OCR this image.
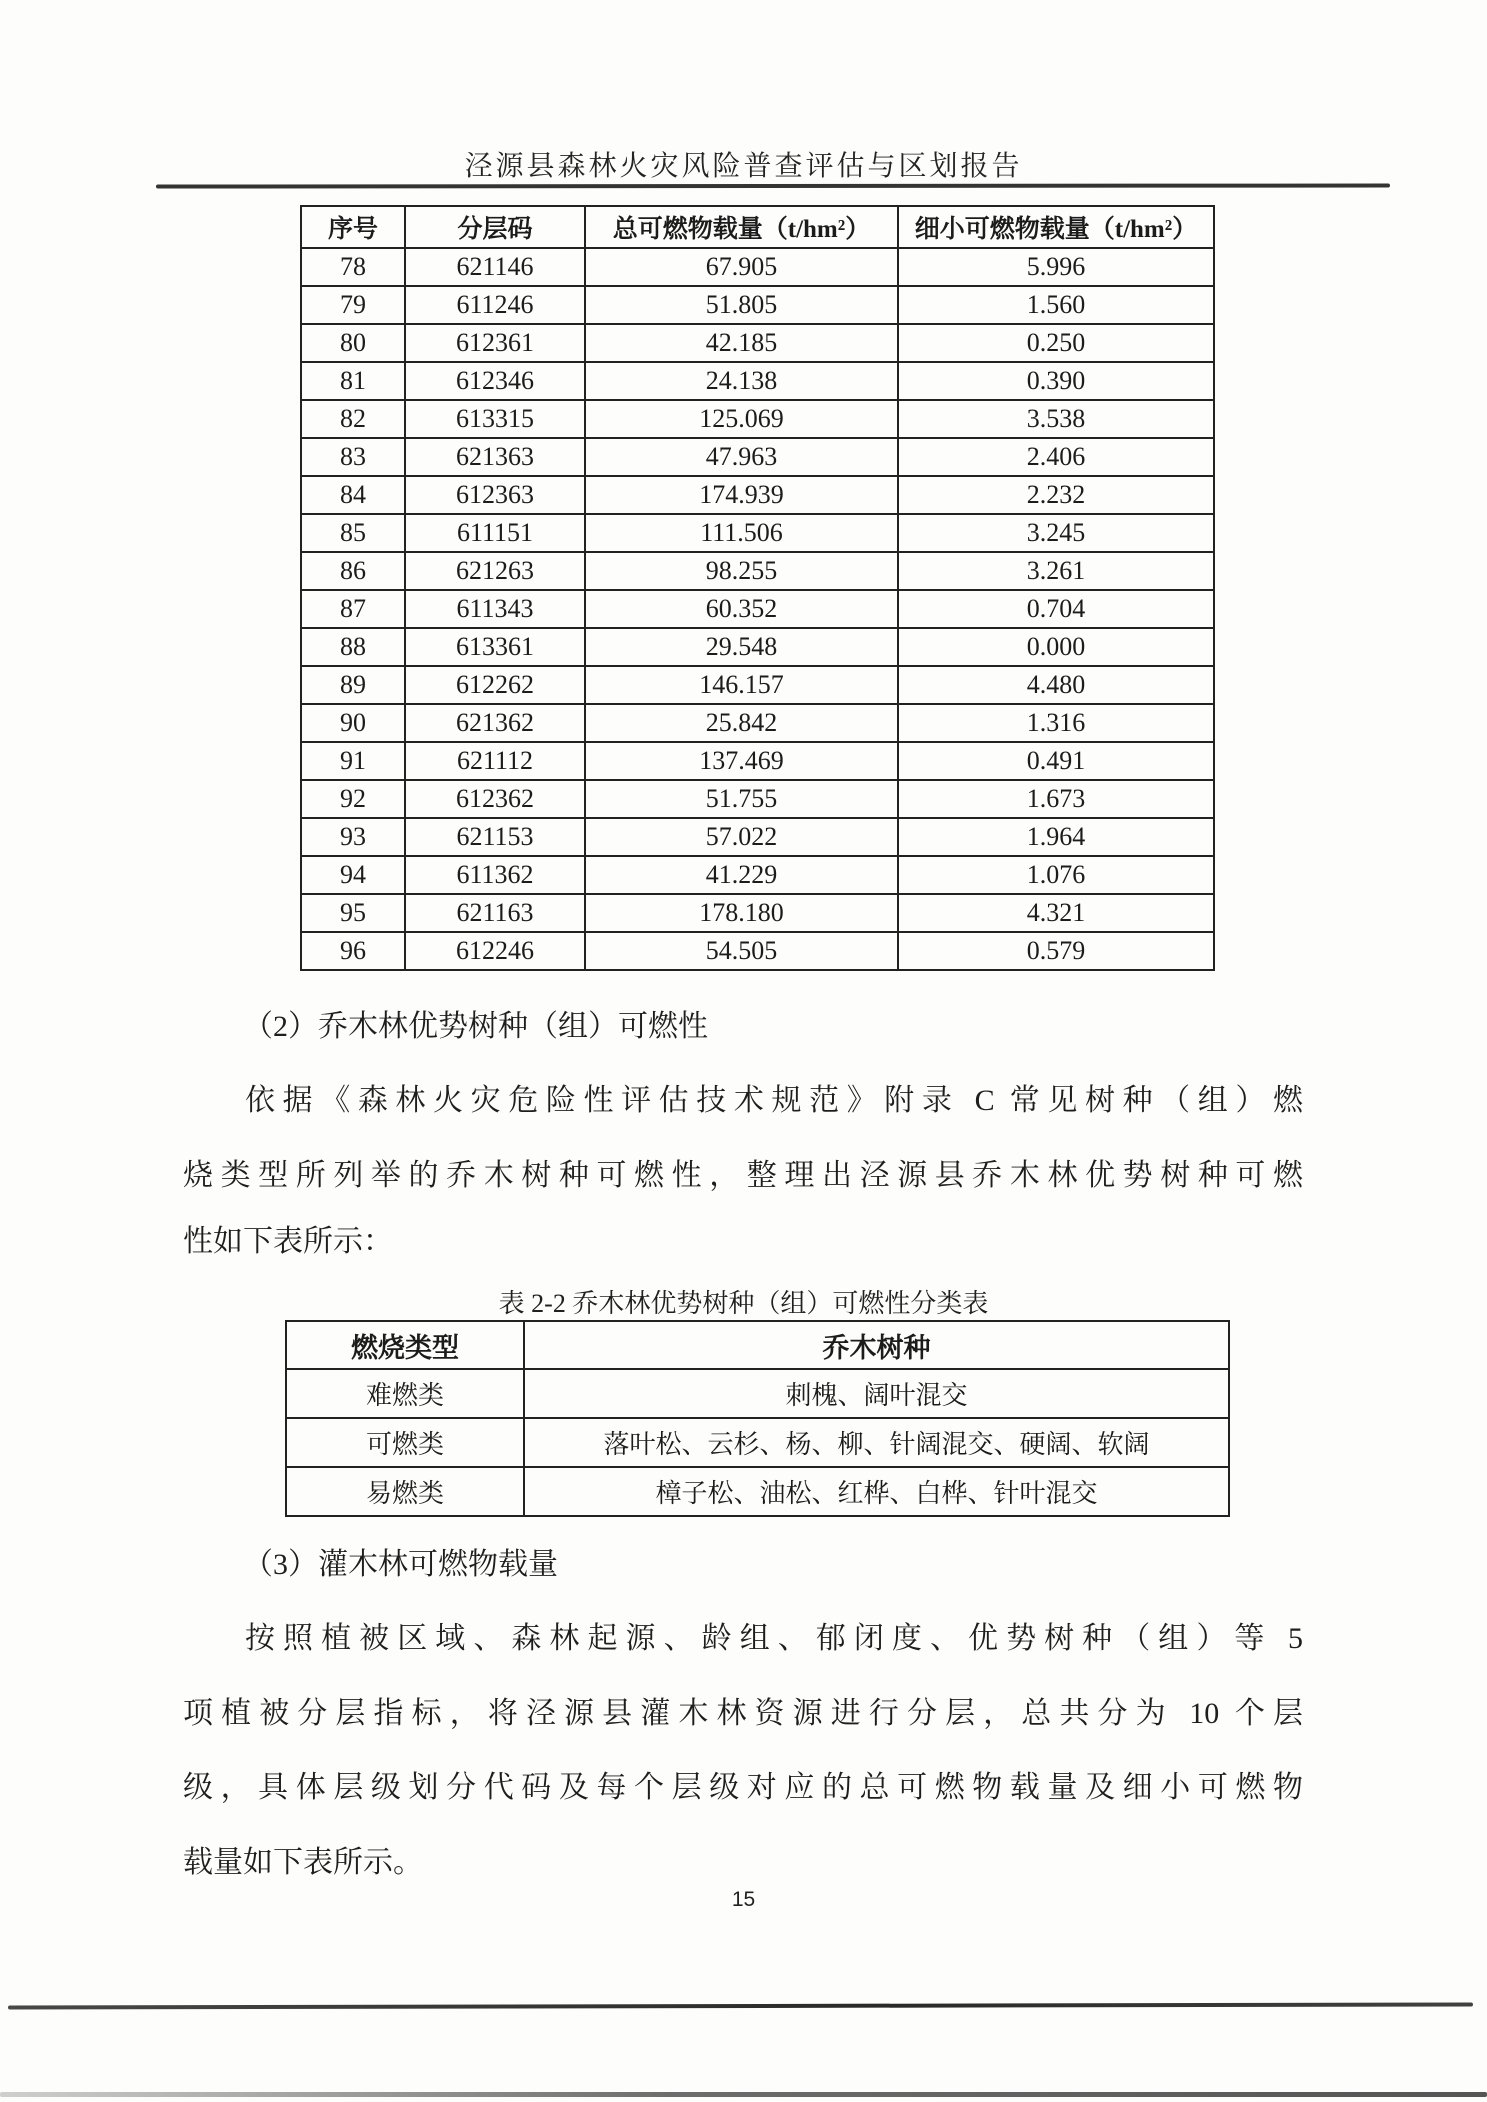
泾源县森林火灾风险普查评估与区划报告
序号	分层码	总可燃物载量（t/hm²）	细小可燃物载量（t/hm²）
78	621146	67.905	5.996
79	611246	51.805	1.560
80	612361	42.185	0.250
81	612346	24.138	0.390
82	613315	125.069	3.538
83	621363	47.963	2.406
84	612363	174.939	2.232
85	611151	111.506	3.245
86	621263	98.255	3.261
87	611343	60.352	0.704
88	613361	29.548	0.000
89	612262	146.157	4.480
90	621362	25.842	1.316
91	621112	137.469	0.491
92	612362	51.755	1.673
93	621153	57.022	1.964
94	611362	41.229	1.076
95	621163	178.180	4.321
96	612246	54.505	0.579
（2）乔木林优势树种（组）可燃性
依据《森林火灾危险性评估技术规范》附录 C 常见树种（组）燃
烧类型所列举的乔木树种可燃性，整理出泾源县乔木林优势树种可燃
性如下表所示：
表 2-2 乔木林优势树种（组）可燃性分类表
燃烧类型	乔木树种
难燃类	刺槐、阔叶混交
可燃类	落叶松、云杉、杨、柳、针阔混交、硬阔、软阔
易燃类	樟子松、油松、红桦、白桦、针叶混交
（3）灌木林可燃物载量
按照植被区域、森林起源、龄组、郁闭度、优势树种（组）等 5
项植被分层指标，将泾源县灌木林资源进行分层，总共分为 10 个层
级，具体层级划分代码及每个层级对应的总可燃物载量及细小可燃物
载量如下表所示。
15
